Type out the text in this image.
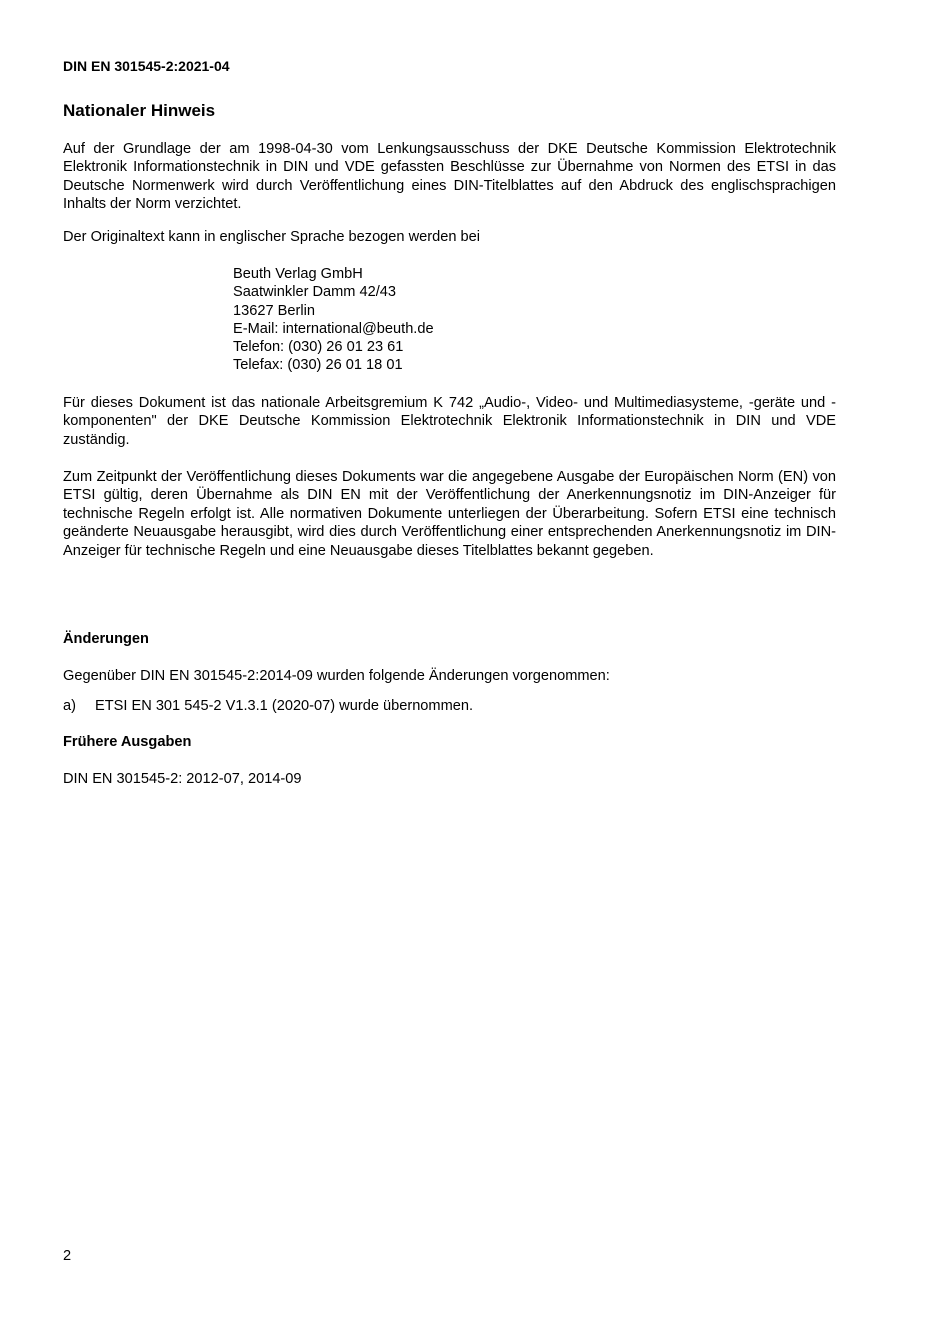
DIN EN 301545-2:2021-04
Nationaler Hinweis
Auf der Grundlage der am 1998-04-30 vom Lenkungsausschuss der DKE Deutsche Kommission Elektrotechnik Elektronik Informationstechnik in DIN und VDE gefassten Beschlüsse zur Übernahme von Normen des ETSI in das Deutsche Normenwerk wird durch Veröffentlichung eines DIN-Titelblattes auf den Abdruck des englischsprachigen Inhalts der Norm verzichtet.
Der Originaltext kann in englischer Sprache bezogen werden bei
Beuth Verlag GmbH
Saatwinkler Damm 42/43
13627 Berlin
E-Mail: international@beuth.de
Telefon: (030) 26 01 23 61
Telefax: (030) 26 01 18 01
Für dieses Dokument ist das nationale Arbeitsgremium K 742 „Audio-, Video- und Multimediasysteme, -geräte und -komponenten" der DKE Deutsche Kommission Elektrotechnik Elektronik Informationstechnik in DIN und VDE zuständig.
Zum Zeitpunkt der Veröffentlichung dieses Dokuments war die angegebene Ausgabe der Europäischen Norm (EN) von ETSI gültig, deren Übernahme als DIN EN mit der Veröffentlichung der Anerkennungsnotiz im DIN-Anzeiger für technische Regeln erfolgt ist. Alle normativen Dokumente unterliegen der Überarbeitung. Sofern ETSI eine technisch geänderte Neuausgabe herausgibt, wird dies durch Veröffentlichung einer entsprechenden Anerkennungsnotiz im DIN-Anzeiger für technische Regeln und eine Neuausgabe dieses Titelblattes bekannt gegeben.
Änderungen
Gegenüber DIN EN 301545-2:2014-09 wurden folgende Änderungen vorgenommen:
a) ETSI EN 301 545-2 V1.3.1 (2020-07) wurde übernommen.
Frühere Ausgaben
DIN EN 301545-2: 2012-07, 2014-09
2
